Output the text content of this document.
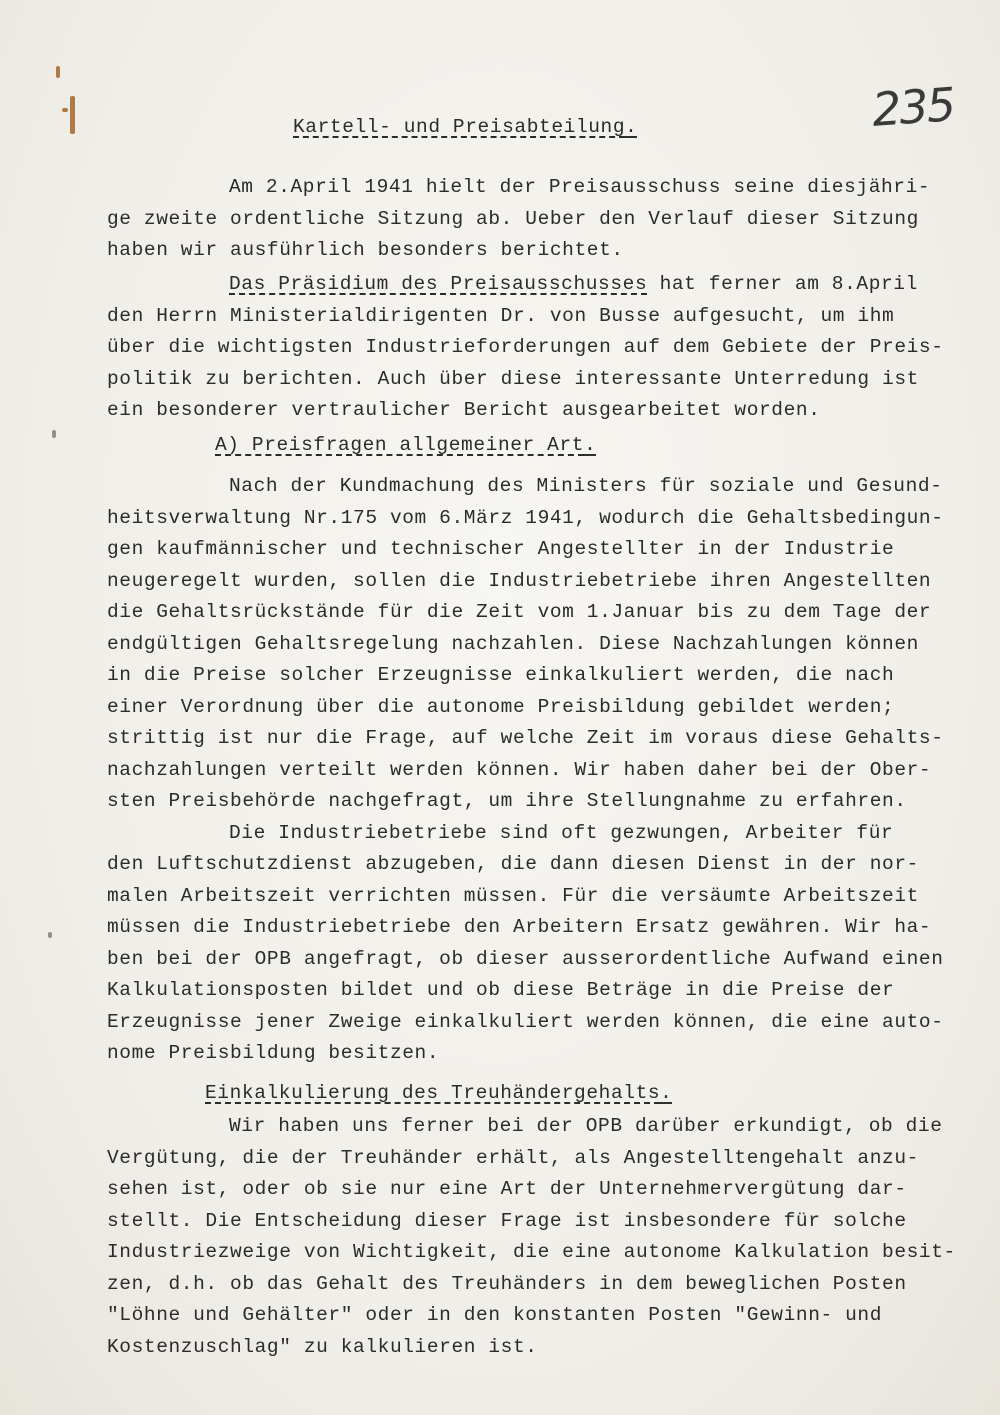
235
Kartell- und Preisabteilung.
Am 2.April 1941 hielt der Preisausschuss seine diesjähri-
ge zweite ordentliche Sitzung ab. Ueber den Verlauf dieser Sitzung
haben wir ausführlich besonders berichtet.
Das Präsidium des Preisausschusses hat ferner am 8.April
den Herrn Ministerialdirigenten Dr. von Busse aufgesucht, um ihm
über die wichtigsten Industrieforderungen auf dem Gebiete der Preis-
politik zu berichten. Auch über diese interessante Unterredung ist
ein besonderer vertraulicher Bericht ausgearbeitet worden.
A) Preisfragen allgemeiner Art.
Nach der Kundmachung des Ministers für soziale und Gesund-
heitsverwaltung Nr.175 vom 6.März 1941, wodurch die Gehaltsbedingun-
gen kaufmännischer und technischer Angestellter in der Industrie
neugeregelt wurden, sollen die Industriebetriebe ihren Angestellten
die Gehaltsrückstände für die Zeit vom 1.Januar bis zu dem Tage der
endgültigen Gehaltsregelung nachzahlen. Diese Nachzahlungen können
in die Preise solcher Erzeugnisse einkalkuliert werden, die nach
einer Verordnung über die autonome Preisbildung gebildet werden;
strittig ist nur die Frage, auf welche Zeit im voraus diese Gehalts-
nachzahlungen verteilt werden können. Wir haben daher bei der Ober-
sten Preisbehörde nachgefragt, um ihre Stellungnahme zu erfahren.
Die Industriebetriebe sind oft gezwungen, Arbeiter für
den Luftschutzdienst abzugeben, die dann diesen Dienst in der nor-
malen Arbeitszeit verrichten müssen. Für die versäumte Arbeitszeit
müssen die Industriebetriebe den Arbeitern Ersatz gewähren. Wir ha-
ben bei der OPB angefragt, ob dieser ausserordentliche Aufwand einen
Kalkulationsposten bildet und ob diese Beträge in die Preise der
Erzeugnisse jener Zweige einkalkuliert werden können, die eine auto-
nome Preisbildung besitzen.
Einkalkulierung des Treuhändergehalts.
Wir haben uns ferner bei der OPB darüber erkundigt, ob die
Vergütung, die der Treuhänder erhält, als Angestelltengehalt anzu-
sehen ist, oder ob sie nur eine Art der Unternehmervergütung dar-
stellt. Die Entscheidung dieser Frage ist insbesondere für solche
Industriezweige von Wichtigkeit, die eine autonome Kalkulation besit-
zen, d.h. ob das Gehalt des Treuhänders in dem beweglichen Posten
"Löhne und Gehälter" oder in den konstanten Posten "Gewinn- und
Kostenzuschlag" zu kalkulieren ist.
